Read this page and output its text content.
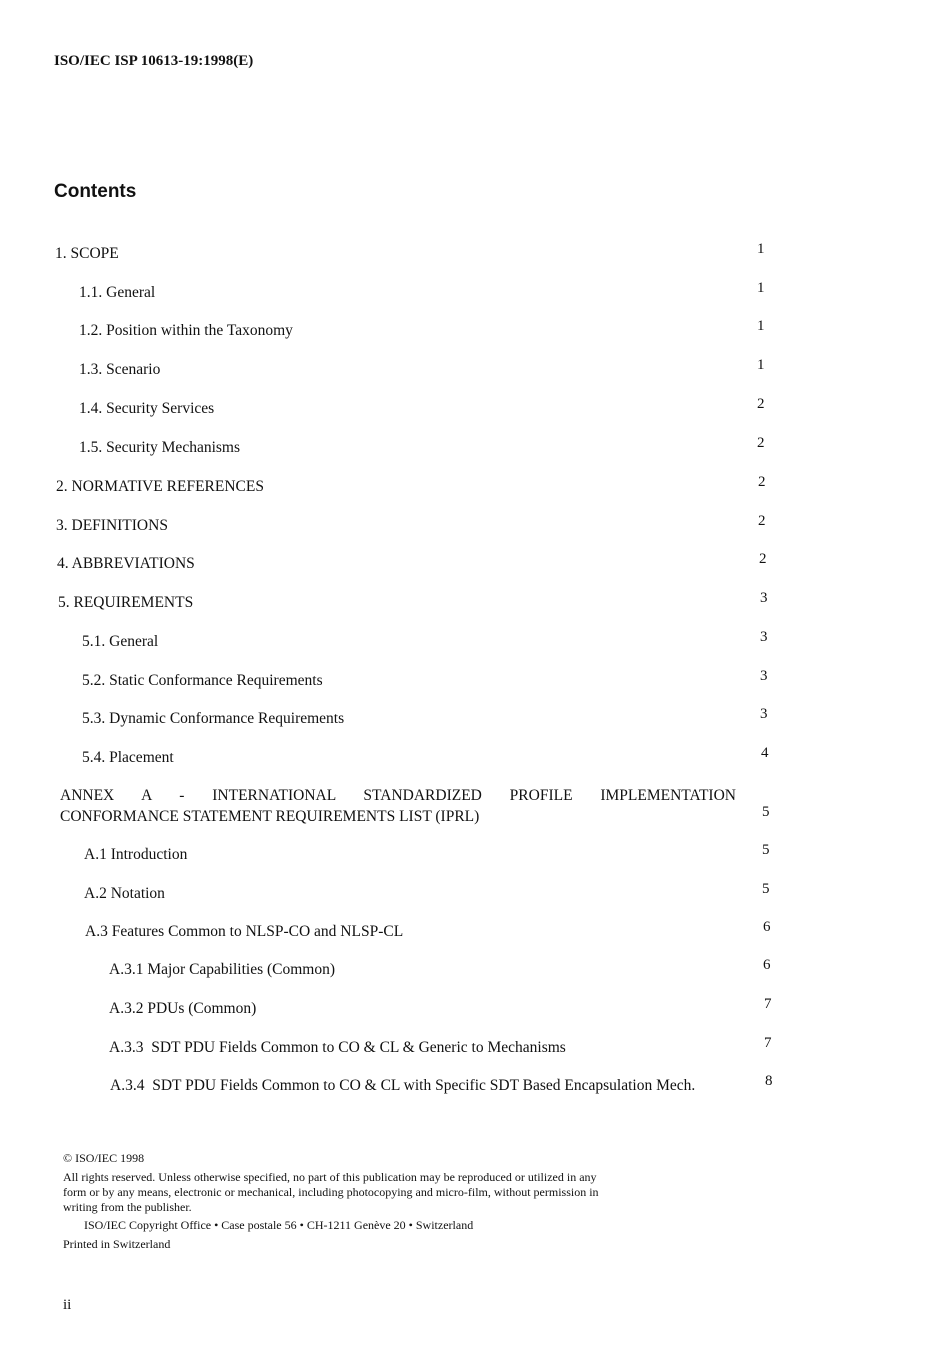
ISO/IEC ISP 10613-19:1998(E)
Contents
1. SCOPE	1
1.1. General	1
1.2. Position within the Taxonomy	1
1.3. Scenario	1
1.4. Security Services	2
1.5. Security Mechanisms	2
2. NORMATIVE REFERENCES	2
3. DEFINITIONS	2
4. ABBREVIATIONS	2
5. REQUIREMENTS	3
5.1. General	3
5.2. Static Conformance Requirements	3
5.3. Dynamic Conformance Requirements	3
5.4. Placement	4
ANNEX A - INTERNATIONAL STANDARDIZED PROFILE IMPLEMENTATION
CONFORMANCE STATEMENT REQUIREMENTS LIST (IPRL)	5
A.1 Introduction	5
A.2 Notation	5
A.3 Features Common to NLSP-CO and NLSP-CL	6
A.3.1 Major Capabilities (Common)	6
A.3.2 PDUs (Common)	7
A.3.3  SDT PDU Fields Common to CO & CL & Generic to Mechanisms	7
A.3.4  SDT PDU Fields Common to CO & CL with Specific SDT Based Encapsulation Mech.	8
© ISO/IEC 1998
All rights reserved. Unless otherwise specified, no part of this publication may be reproduced or utilized in any form or by any means, electronic or mechanical, including photocopying and micro-film, without permission in writing from the publisher.
ISO/IEC Copyright Office • Case postale 56 • CH-1211 Genève 20 • Switzerland
Printed in Switzerland
ii
